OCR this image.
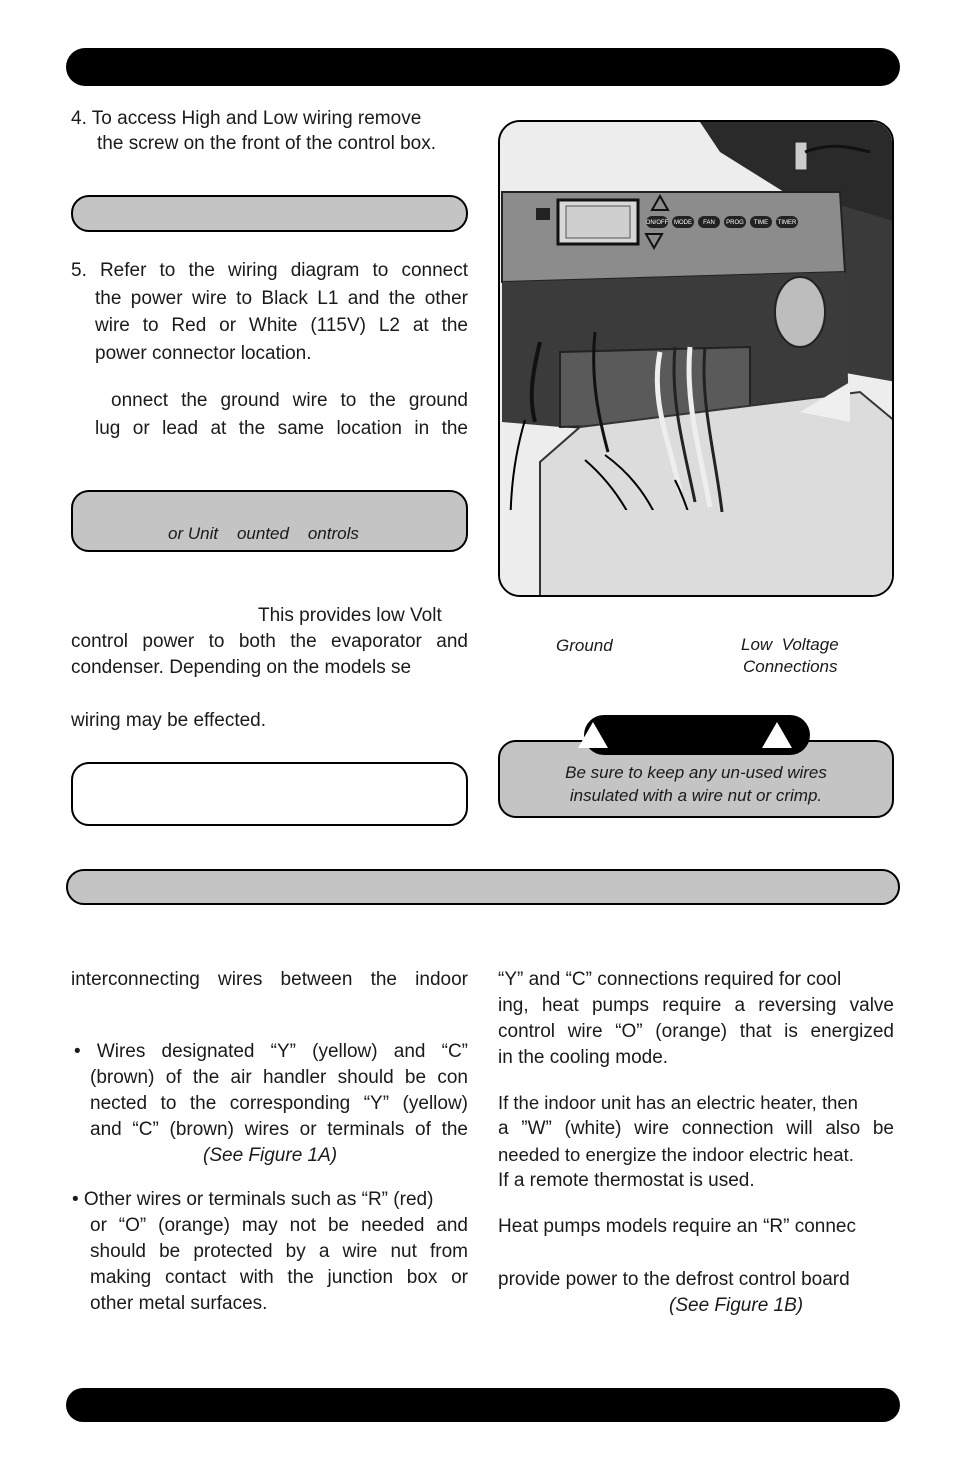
4. To access High and Low wiring remove
the screw on the front of the control box.
5. Refer to the wiring diagram to connect
the power wire to Black L1 and the other
wire to Red or White (115V) L2 at the
power connector location.
onnect the ground wire to the ground
lug or lead at the same location in the
or Unit    ounted    ontrols
This provides low Volt
control power to both the evaporator and
condenser. Depending on the models se
wiring may be effected.
ON/OFF MODE FAN PROG TIME TIMER
Ground	Low  Voltage
Connections
Be sure to keep any un-used wires
insulated with a wire nut or crimp.
interconnecting wires between the indoor
• Wires designated “Y” (yellow) and “C”
(brown) of the air handler should be con
nected to the corresponding “Y” (yellow)
and “C” (brown) wires or terminals of the
(See Figure 1A)
• Other wires or terminals such as “R” (red)
or “O” (orange) may not be needed and
should be protected by a wire nut from
making contact with the junction box or
other metal surfaces.
“Y” and “C” connections required for cool
ing, heat pumps require a reversing valve
control wire “O” (orange) that is energized
in the cooling mode.
If the indoor unit has an electric heater, then
a ”W” (white) wire connection will also be
needed to energize the indoor electric heat.
If a remote thermostat is used.
Heat pumps models require an “R” connec
provide power to the defrost control board
(See Figure 1B)
